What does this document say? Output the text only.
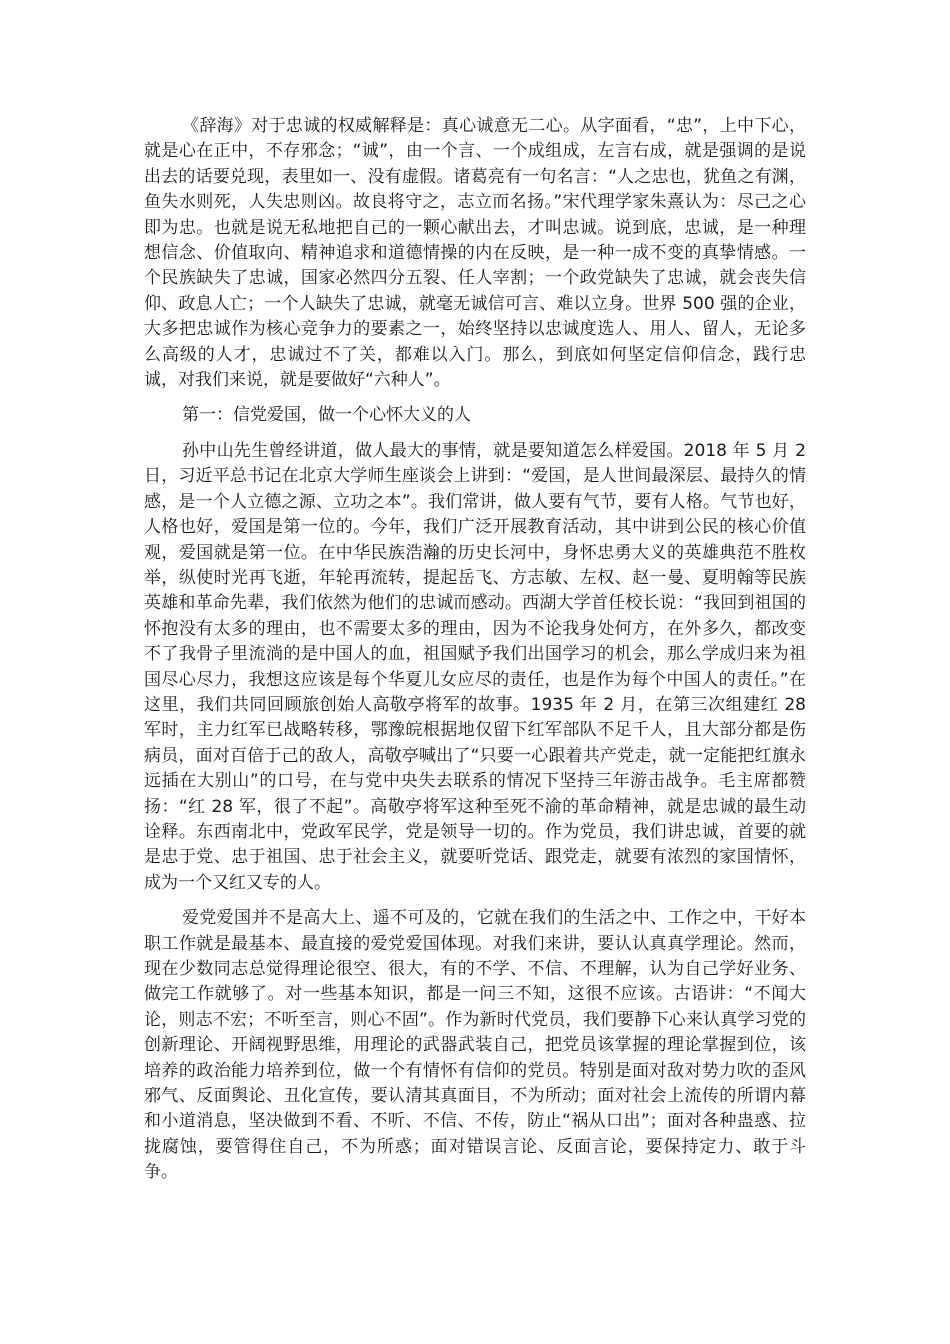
《辞海》对于忠诚的权威解释是：真心诚意无二心。从字面看，“忠”，上中下心，就是心在正中，不存邪念；“诚”，由一个言、一个成组成，左言右成，就是强调的是说出去的话要兑现，表里如一、没有虚假。诸葛亮有一句名言：“人之忠也，犹鱼之有渊，鱼失水则死，人失忠则凶。故良将守之，志立而名扬。”宋代理学家朱熹认为：尽己之心即为忠。也就是说无私地把自己的一颗心献出去，才叫忠诚。说到底，忠诚，是一种理想信念、价值取向、精神追求和道德情操的内在反映，是一种一成不变的真挚情感。一个民族缺失了忠诚，国家必然四分五裂、任人宰割；一个政党缺失了忠诚，就会丧失信仰、政息人亡；一个人缺失了忠诚，就毫无诚信可言、难以立身。世界 500 强的企业，大多把忠诚作为核心竞争力的要素之一，始终坚持以忠诚度选人、用人、留人，无论多么高级的人才，忠诚过不了关，都难以入门。那么，到底如何坚定信仰信念，践行忠诚，对我们来说，就是要做好“六种人”。

第一：信党爱国，做一个心怀大义的人

孙中山先生曾经讲道，做人最大的事情，就是要知道怎么样爱国。2018 年 5 月 2 日，习近平总书记在北京大学师生座谈会上讲到：“爱国，是人世间最深层、最持久的情感，是一个人立德之源、立功之本”。我们常讲，做人要有气节，要有人格。气节也好，人格也好，爱国是第一位的。今年，我们广泛开展教育活动，其中讲到公民的核心价值观，爱国就是第一位。在中华民族浩瀚的历史长河中，身怀忠勇大义的英雄典范不胜枚举，纵使时光再飞逝，年轮再流转，提起岳飞、方志敏、左权、赵一曼、夏明翰等民族英雄和革命先辈，我们依然为他们的忠诚而感动。西湖大学首任校长说：“我回到祖国的怀抱没有太多的理由，也不需要太多的理由，因为不论我身处何方，在外多久，都改变不了我骨子里流淌的是中国人的血，祖国赋予我们出国学习的机会，那么学成归来为祖国尽心尽力，我想这应该是每个华夏儿女应尽的责任，也是作为每个中国人的责任。”在这里，我们共同回顾旅创始人高敬亭将军的故事。1935 年 2 月，在第三次组建红 28 军时，主力红军已战略转移，鄂豫皖根据地仅留下红军部队不足千人，且大部分都是伤病员，面对百倍于己的敌人，高敬亭喊出了“只要一心跟着共产党走，就一定能把红旗永远插在大别山”的口号，在与党中央失去联系的情况下坚持三年游击战争。毛主席都赞扬：“红 28 军，很了不起”。高敬亭将军这种至死不渝的革命精神，就是忠诚的最生动诠释。东西南北中，党政军民学，党是领导一切的。作为党员，我们讲忠诚，首要的就是忠于党、忠于祖国、忠于社会主义，就要听党话、跟党走，就要有浓烈的家国情怀，成为一个又红又专的人。

爱党爱国并不是高大上、遥不可及的，它就在我们的生活之中、工作之中，干好本职工作就是最基本、最直接的爱党爱国体现。对我们来讲，要认认真真学理论。然而，现在少数同志总觉得理论很空、很大，有的不学、不信、不理解，认为自己学好业务、做完工作就够了。对一些基本知识，都是一问三不知，这很不应该。古语讲：“不闻大论，则志不宏；不听至言，则心不固”。作为新时代党员，我们要静下心来认真学习党的创新理论、开阔视野思维，用理论的武器武装自己，把党员该掌握的理论掌握到位，该培养的政治能力培养到位，做一个有情怀有信仰的党员。特别是面对敌对势力吹的歪风邪气、反面舆论、丑化宣传，要认清其真面目，不为所动；面对社会上流传的所谓内幕和小道消息，坚决做到不看、不听、不信、不传，防止“祸从口出”；面对各种蛊惑、拉拢腐蚀，要管得住自己，不为所惑；面对错误言论、反面言论，要保持定力、敢于斗争。
